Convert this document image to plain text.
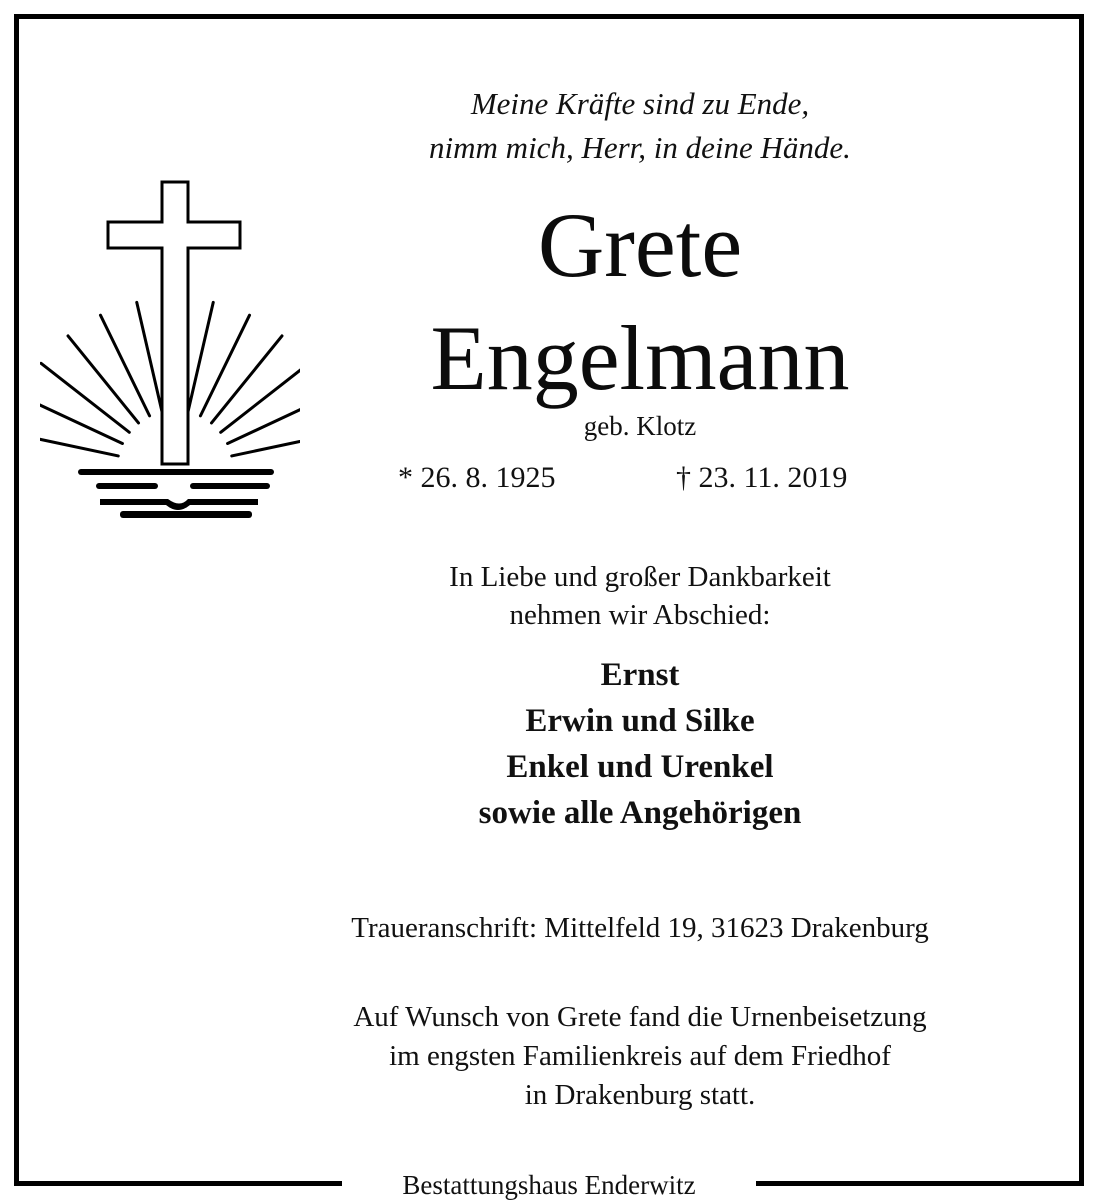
Bestattungshaus Enderwitz
Meine Kräfte sind zu Ende,
nimm mich, Herr, in deine Hände.
Grete
Engelmann
geb. Klotz
* 26. 8. 1925	† 23. 11. 2019
In Liebe und großer Dankbarkeit
nehmen wir Abschied:
Ernst
Erwin und Silke
Enkel und Urenkel
sowie alle Angehörigen
Traueranschrift: Mittelfeld 19, 31623 Drakenburg
Auf Wunsch von Grete fand die Urnenbeisetzung
im engsten Familienkreis auf dem Friedhof
in Drakenburg statt.
